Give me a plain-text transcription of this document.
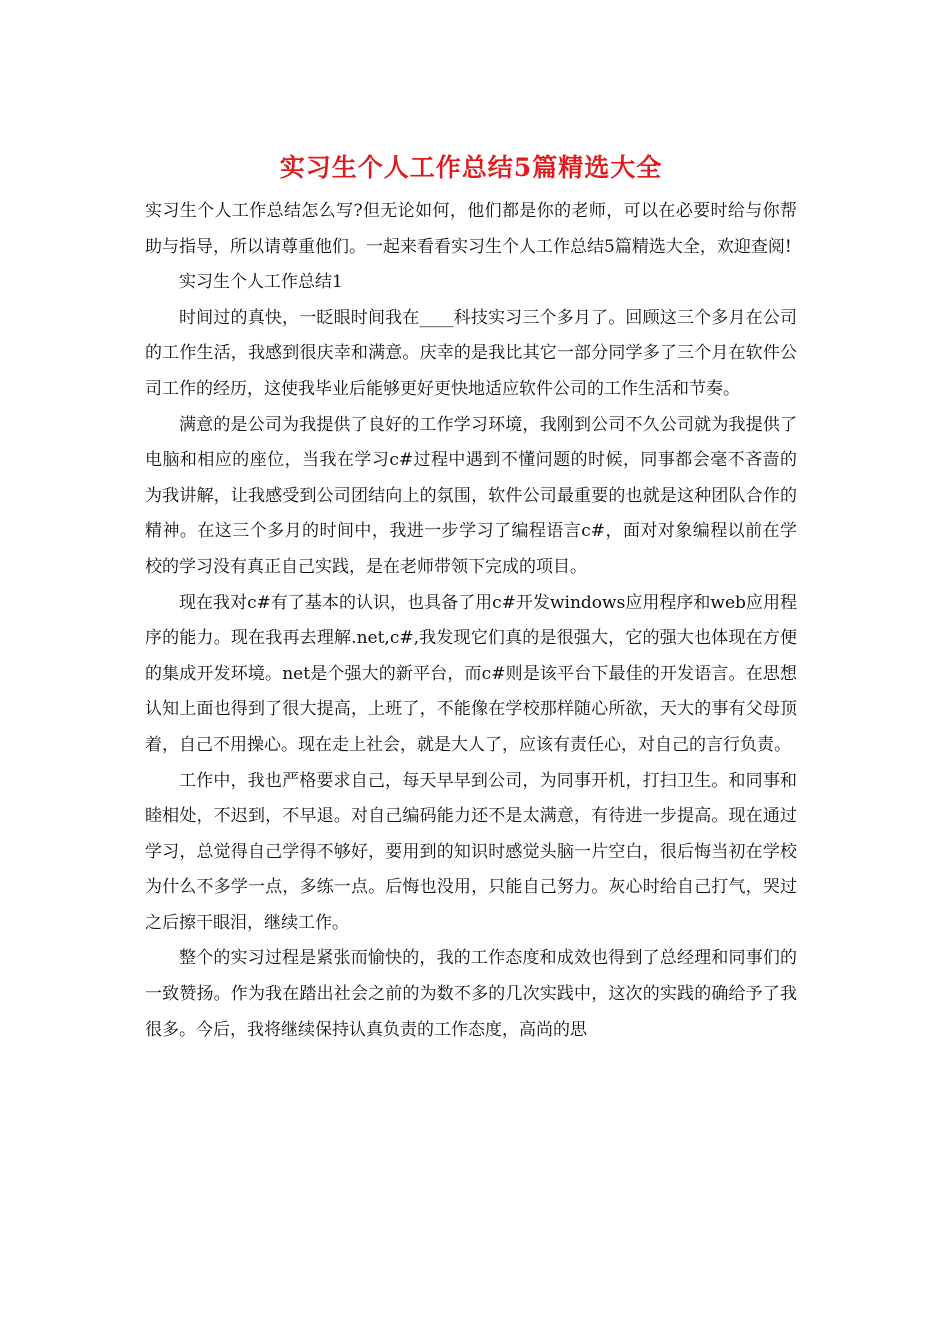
实习生个人工作总结5篇精选大全

实习生个人工作总结怎么写?但无论如何，他们都是你的老师，可以在必要时给与你帮助与指导，所以请尊重他们。一起来看看实习生个人工作总结5篇精选大全，欢迎查阅!

实习生个人工作总结1

时间过的真快，一眨眼时间我在____科技实习三个多月了。回顾这三个多月在公司的工作生活，我感到很庆幸和满意。庆幸的是我比其它一部分同学多了三个月在软件公司工作的经历，这使我毕业后能够更好更快地适应软件公司的工作生活和节奏。

满意的是公司为我提供了良好的工作学习环境，我刚到公司不久公司就为我提供了电脑和相应的座位，当我在学习c#过程中遇到不懂问题的时候，同事都会毫不吝啬的为我讲解，让我感受到公司团结向上的氛围，软件公司最重要的也就是这种团队合作的精神。在这三个多月的时间中，我进一步学习了编程语言c#，面对对象编程以前在学校的学习没有真正自己实践，是在老师带领下完成的项目。

现在我对c#有了基本的认识，也具备了用c#开发windows应用程序和web应用程序的能力。现在我再去理解.net,c#,我发现它们真的是很强大，它的强大也体现在方便的集成开发环境。net是个强大的新平台，而c#则是该平台下最佳的开发语言。在思想认知上面也得到了很大提高，上班了，不能像在学校那样随心所欲，天大的事有父母顶着，自己不用操心。现在走上社会，就是大人了，应该有责任心，对自己的言行负责。

工作中，我也严格要求自己，每天早早到公司，为同事开机，打扫卫生。和同事和睦相处，不迟到，不早退。对自己编码能力还不是太满意，有待进一步提高。现在通过学习，总觉得自己学得不够好，要用到的知识时感觉头脑一片空白，很后悔当初在学校为什么不多学一点，多练一点。后悔也没用，只能自己努力。灰心时给自己打气，哭过之后擦干眼泪，继续工作。

整个的实习过程是紧张而愉快的，我的工作态度和成效也得到了总经理和同事们的一致赞扬。作为我在踏出社会之前的为数不多的几次实践中，这次的实践的确给予了我很多。今后，我将继续保持认真负责的工作态度，高尚的思
